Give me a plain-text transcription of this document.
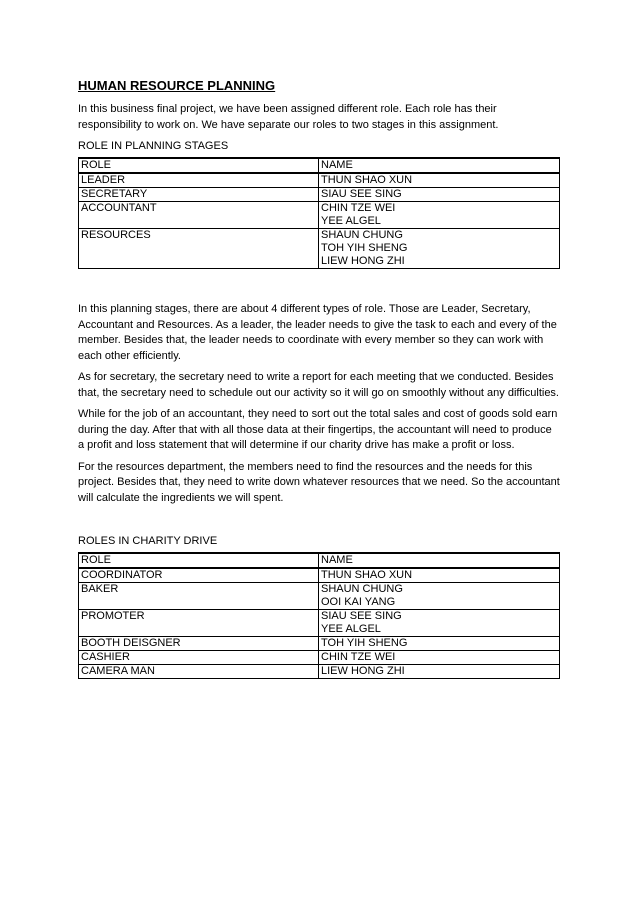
HUMAN RESOURCE PLANNING

In this business final project, we have been assigned different role. Each role has their responsibility to work on. We have separate our roles to two stages in this assignment.

ROLE IN PLANNING STAGES
ROLE	NAME
LEADER	THUN SHAO XUN

SECRETARY	SIAU SEE SING

ACCOUNTANT	CHIN TZE WEI
YEE ALGEL

RESOURCES	SHAUN CHUNG
TOH YIH SHENG
LIEW HONG ZHI

In this planning stages, there are about 4 different types of role. Those are Leader, Secretary, Accountant and Resources. As a leader, the leader needs to give the task to each and every of the member. Besides that, the leader needs to coordinate with every member so they can work with each other efficiently.

As for secretary, the secretary need to write a report for each meeting that we conducted. Besides that, the secretary need to schedule out our activity so it will go on smoothly without any difficulties.

While for the job of an accountant, they need to sort out the total sales and cost of goods sold earn during the day. After that with all those data at their fingertips, the accountant will need to produce a profit and loss statement that will determine if our charity drive has make a profit or loss.

For the resources department, the members need to find the resources and the needs for this project. Besides that, they need to write down whatever resources that we need. So the accountant will calculate the ingredients we will spent.

ROLES IN CHARITY DRIVE
ROLE	NAME
COORDINATOR	THUN SHAO XUN

BAKER	SHAUN CHUNG
OOI KAI YANG

PROMOTER	SIAU SEE SING
YEE ALGEL

BOOTH DEISGNER	TOH YIH SHENG

CASHIER	CHIN TZE WEI

CAMERA MAN	LIEW HONG ZHI
